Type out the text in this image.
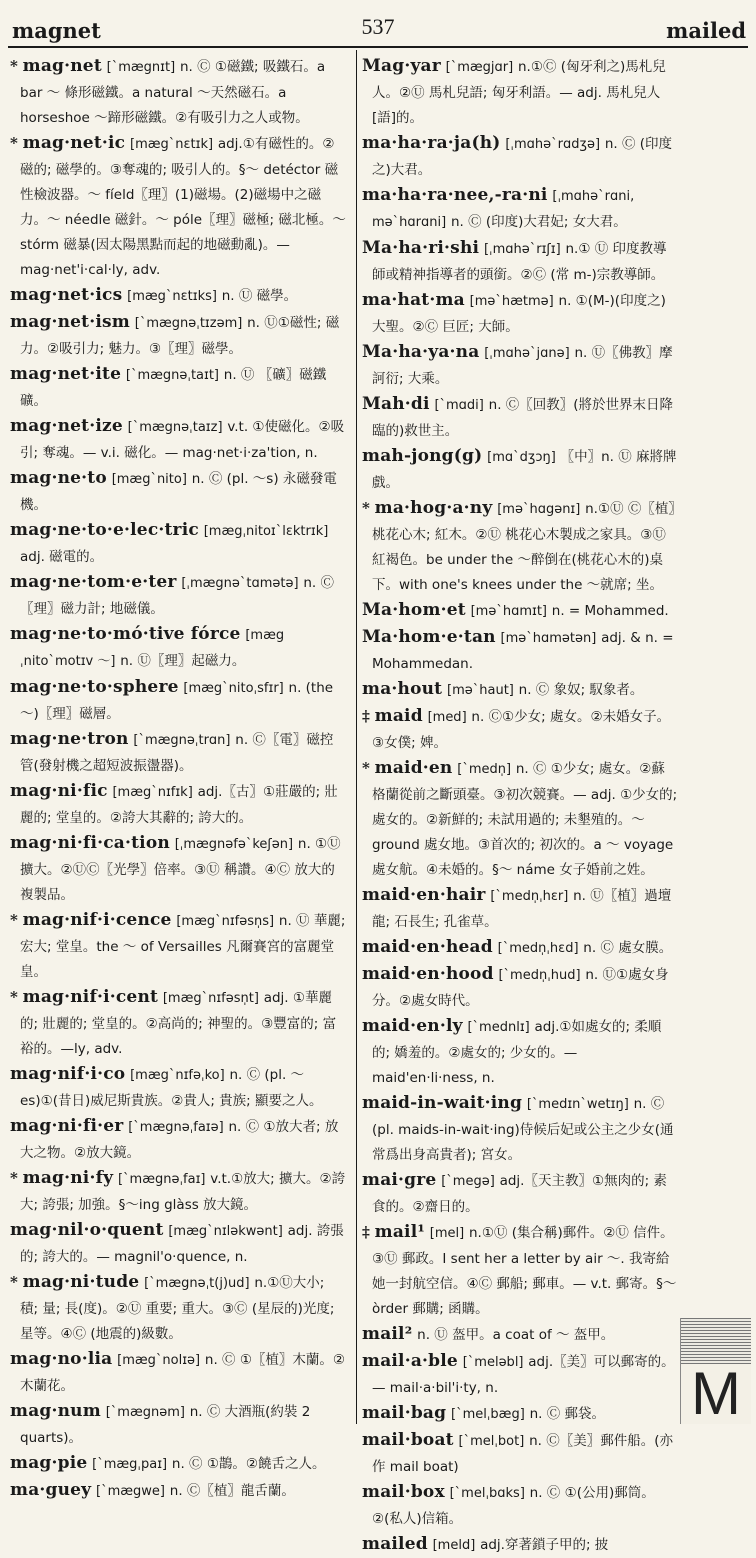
magnet	537	mailed
* mag·net [ˋmægnɪt] n. Ⓒ ①磁鐵; 吸鐵石。a bar ～ 條形磁鐵。a natural ～天然磁石。a horseshoe ～蹄形磁鐵。②有吸引力之人或物。
* mag·net·ic [mægˋnɛtɪk] adj.①有磁性的。②磁的; 磁學的。③奪魂的; 吸引人的。§～ detéctor 磁性檢波器。～ fíeld〖理〗(1)磁場。(2)磁場中之磁力。～ néedle 磁針。～ póle〖理〗磁極; 磁北極。～ stórm 磁暴(因太陽黑點而起的地磁動亂)。— mag·net'i·cal·ly, adv.
mag·net·ics [mægˋnɛtɪks] n. Ⓤ 磁學。
mag·net·ism [ˋmægnəˌtɪzəm] n. Ⓤ①磁性; 磁力。②吸引力; 魅力。③〖理〗磁學。
mag·net·ite [ˋmægnəˌtaɪt] n. Ⓤ 〖礦〗磁鐵礦。
mag·net·ize [ˋmægnəˌtaɪz] v.t. ①使磁化。②吸引; 奪魂。— v.i. 磁化。— mag·net·i·za'tion, n.
mag·ne·to [mægˋnito] n. Ⓒ (pl. ～s) 永磁發電機。
mag·ne·to·e·lec·tric [mægˌnitoɪˋlɛktrɪk] adj. 磁電的。
mag·ne·tom·e·ter [ˌmægnəˋtɑmətə] n. Ⓒ〖理〗磁力計; 地磁儀。
mag·ne·to·mó·tive fórce [mægˌnitoˋmotɪv ～] n. Ⓤ〖理〗起磁力。
mag·ne·to·sphere [mægˋnitoˌsfɪr] n. (the ～)〖理〗磁層。
mag·ne·tron [ˋmægnəˌtrɑn] n. Ⓒ〖電〗磁控管(發射機之超短波振盪器)。
mag·ni·fic [mægˋnɪfɪk] adj.〖古〗①莊嚴的; 壯麗的; 堂皇的。②誇大其辭的; 誇大的。
mag·ni·fi·ca·tion [ˌmægnəfəˋkeʃən] n. ①Ⓤ 擴大。②ⓊⒸ〖光學〗倍率。③Ⓤ 稱讚。④Ⓒ 放大的複製品。
* mag·nif·i·cence [mægˋnɪfəsn̩s] n. Ⓤ 華麗; 宏大; 堂皇。the ～ of Versailles 凡爾賽宮的富麗堂皇。
* mag·nif·i·cent [mægˋnɪfəsn̩t] adj. ①華麗的; 壯麗的; 堂皇的。②高尚的; 神聖的。③豐富的; 富裕的。—ly, adv.
mag·nif·i·co [mægˋnɪfəˌko] n. Ⓒ (pl. ～es)①(昔日)威尼斯貴族。②貴人; 貴族; 顯要之人。
mag·ni·fi·er [ˋmægnəˌfaɪə] n. Ⓒ ①放大者; 放大之物。②放大鏡。
* mag·ni·fy [ˋmægnəˌfaɪ] v.t.①放大; 擴大。②誇大; 誇張; 加強。§～ing glàss 放大鏡。
mag·nil·o·quent [mægˋnɪləkwənt] adj. 誇張的; 誇大的。— magnil'o·quence, n.
* mag·ni·tude [ˋmægnəˌt(j)ud] n.①Ⓤ大小; 積; 量; 長(度)。②Ⓤ 重要; 重大。③Ⓒ (星辰的)光度; 星等。④Ⓒ (地震的)級數。
mag·no·lia [mægˋnolɪə] n. Ⓒ ①〖植〗木蘭。②木蘭花。
mag·num [ˋmægnəm] n. Ⓒ 大酒瓶(約裝 2 quarts)。
mag·pie [ˋmægˌpaɪ] n. Ⓒ ①鵲。②饒舌之人。
ma·guey [ˋmægwe] n. Ⓒ〖植〗龍舌蘭。
Mag·yar [ˋmægjɑr] n.①Ⓒ (匈牙利之)馬札兒人。②Ⓤ 馬札兒語; 匈牙利語。— adj. 馬札兒人[語]的。
ma·ha·ra·ja(h) [ˌmɑhəˋrɑdʒə] n. Ⓒ (印度之)大君。
ma·ha·ra·nee,-ra·ni [ˌmɑhəˋrɑni, məˋhɑrɑni] n. Ⓒ (印度)大君妃; 女大君。
Ma·ha·ri·shi [ˌmɑhəˋrɪʃɪ] n.① Ⓤ 印度教導師或精神指導者的頭銜。②Ⓒ (常 m-)宗教導師。
ma·hat·ma [məˋhætmə] n. ①(M-)(印度之)大聖。②Ⓒ 巨匠; 大師。
Ma·ha·ya·na [ˌmɑhəˋjɑnə] n. Ⓤ〖佛教〗摩訶衍; 大乘。
Mah·di [ˋmɑdi] n. Ⓒ〖回教〗(將於世界末日降臨的)救世主。
mah-jong(g) [mɑˋdʒɔŋ] 〖中〗n. Ⓤ 麻將牌戲。
* ma·hog·a·ny [məˋhɑgənɪ] n.①Ⓤ Ⓒ〖植〗桃花心木; 紅木。②Ⓤ 桃花心木製成之家具。③Ⓤ 紅褐色。be under the ～醉倒在(桃花心木的)桌下。with one's knees under the ～就席; 坐。
Ma·hom·et [məˋhɑmɪt] n. = Mohammed.
Ma·hom·e·tan [məˋhɑmətən] adj. & n. = Mohammedan.
ma·hout [məˋhaut] n. Ⓒ 象奴; 馭象者。
‡ maid [med] n. Ⓒ①少女; 處女。②未婚女子。③女僕; 婢。
* maid·en [ˋmedn̩] n. Ⓒ ①少女; 處女。②蘇格蘭從前之斷頭臺。③初次競賽。— adj. ①少女的; 處女的。②新鮮的; 未試用過的; 未墾殖的。～ ground 處女地。③首次的; 初次的。a ～ voyage 處女航。④未婚的。§～ náme 女子婚前之姓。
maid·en·hair [ˋmedn̩ˌhɛr] n. Ⓤ〖植〗過壇龍; 石長生; 孔雀草。
maid·en·head [ˋmedn̩ˌhɛd] n. Ⓒ 處女膜。
maid·en·hood [ˋmedn̩ˌhud] n. Ⓤ①處女身分。②處女時代。
maid·en·ly [ˋmednlɪ] adj.①如處女的; 柔順的; 嬌羞的。②處女的; 少女的。— maid'en·li·ness, n.
maid-in-wait·ing [ˋmedɪnˋwetɪŋ] n. Ⓒ (pl. maids-in-wait·ing)侍候后妃或公主之少女(通常爲出身高貴者); 宮女。
mai·gre [ˋmegə] adj.〖天主教〗①無肉的; 素食的。②齋日的。
‡ mail¹ [mel] n.①Ⓤ (集合稱)郵件。②Ⓤ 信件。③Ⓤ 郵政。I sent her a letter by air ～. 我寄給她一封航空信。④Ⓒ 郵船; 郵車。— v.t. 郵寄。§～ òrder 郵購; 函購。
mail² n. Ⓤ 盔甲。a coat of ～ 盔甲。
mail·a·ble [ˋmeləbl] adj.〖美〗可以郵寄的。— mail·a·bil'i·ty, n.
mail·bag [ˋmelˌbæg] n. Ⓒ 郵袋。
mail·boat [ˋmelˌbot] n. Ⓒ〖美〗郵件船。(亦作 mail boat)
mail·box [ˋmelˌbɑks] n. Ⓒ ①(公用)郵筒。②(私人)信箱。
mailed [meld] adj.穿著鎖子甲的; 披
M
